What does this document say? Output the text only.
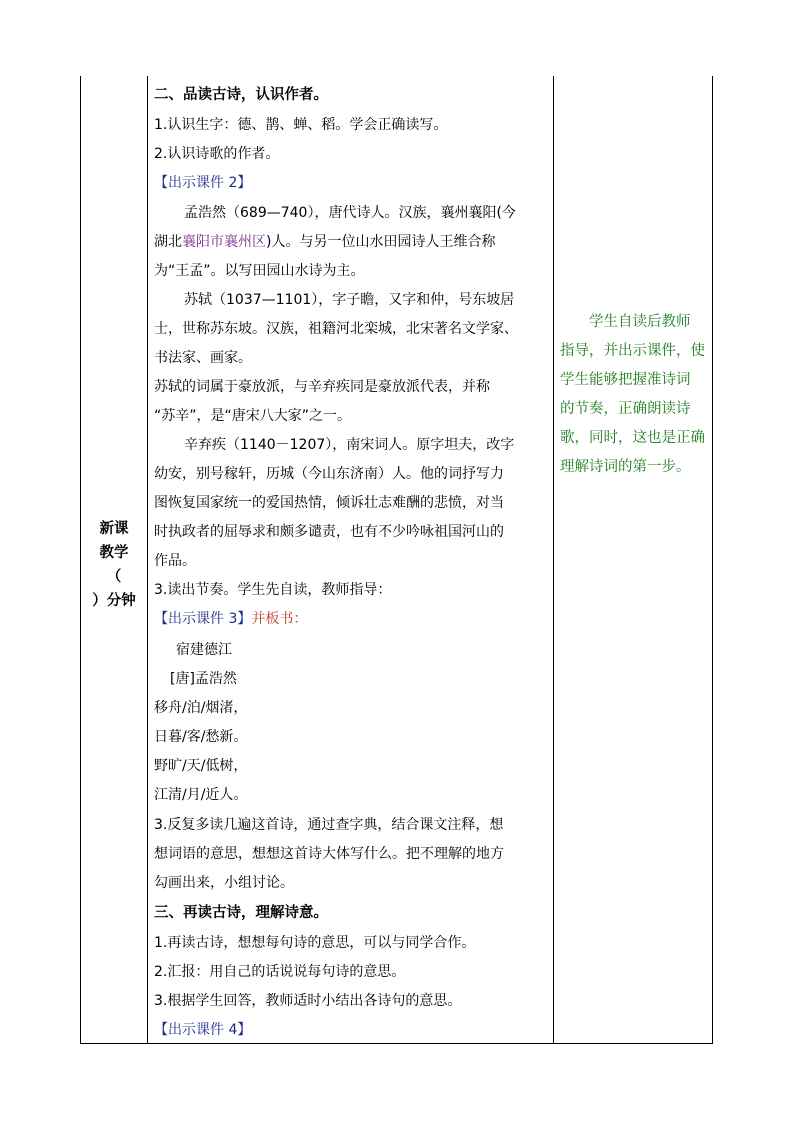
新课
教学
（
）分钟
二、品读古诗，认识作者。
1.认识生字：德、鹊、蝉、稻。学会正确读写。
2.认识诗歌的作者。
【出示课件 2】
孟浩然（689—740），唐代诗人。汉族，襄州襄阳(今
湖北襄阳市襄州区)人。与另一位山水田园诗人王维合称
为“王孟”。以写田园山水诗为主。
苏轼（1037—1101），字子瞻，又字和仲，号东坡居
士，世称苏东坡。汉族，祖籍河北栾城，北宋著名文学家、
书法家、画家。
苏轼的词属于豪放派，与辛弃疾同是豪放派代表，并称
“苏辛”，是“唐宋八大家”之一。
辛弃疾（1140－1207），南宋词人。原字坦夫，改字
幼安，别号稼轩，历城（今山东济南）人。他的词抒写力
图恢复国家统一的爱国热情，倾诉壮志难酬的悲愤，对当
时执政者的屈辱求和颇多谴责，也有不少吟咏祖国河山的
作品。
3.读出节奏。学生先自读，教师指导：
【出示课件 3】并板书：
宿建德江
[唐]孟浩然
移舟/泊/烟渚，
日暮/客/愁新。
野旷/天/低树，
江清/月/近人。
3.反复多读几遍这首诗，通过查字典，结合课文注释，想
想词语的意思，想想这首诗大体写什么。把不理解的地方
勾画出来，小组讨论。
三、再读古诗，理解诗意。
1.再读古诗，想想每句诗的意思，可以与同学合作。
2.汇报：用自己的话说说每句诗的意思。
3.根据学生回答，教师适时小结出各诗句的意思。
【出示课件 4】
　　学生自读后教师
指导，并出示课件，使
学生能够把握准诗词
的节奏，正确朗读诗
歌，同时，这也是正确
理解诗词的第一步。
